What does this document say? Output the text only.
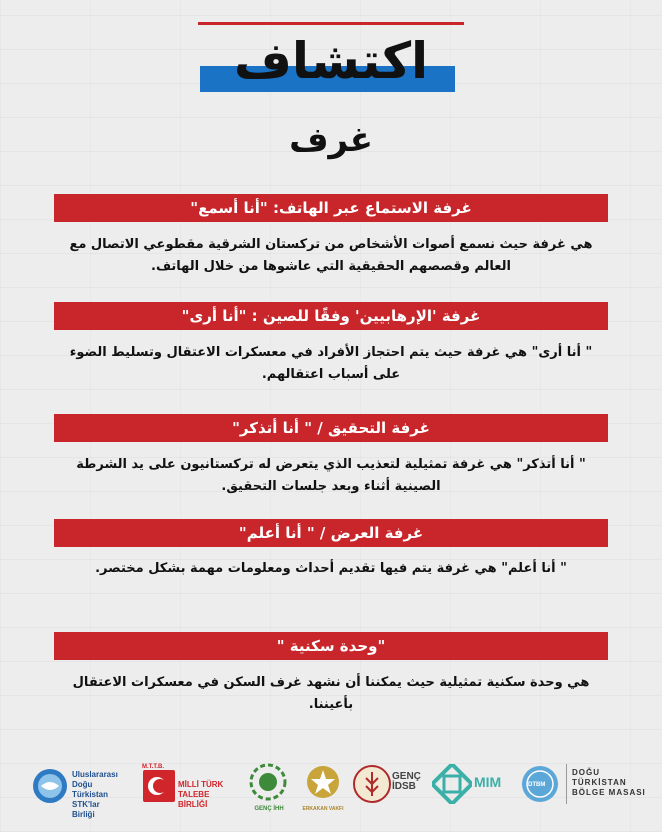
اكتشاف
غرف
غرفة الاستماع عبر الهاتف: "أنا أسمع"
هي غرفة حيث نسمع أصوات الأشخاص من تركستان الشرقية مقطوعي الاتصال مع العالم وقصصهم الحقيقية التي عاشوها من خلال الهاتف.
غرفة 'الإرهابيين' وفقًا للصين : "أنا أرى"
" أنا أرى" هي غرفة حيث يتم احتجاز الأفراد في معسكرات الاعتقال وتسليط الضوء على أسباب اعتقالهم.
غرفة التحقيق / " أنا أتذكر"
" أنا أتذكر" هي غرفة تمثيلية لتعذيب الذي يتعرض له تركستانيون على يد الشرطة الصينية أثناء وبعد جلسات التحقيق.
غرفة العرض / " أنا أعلم"
" أنا أعلم" هي غرفة يتم فيها تقديم أحداث ومعلومات مهمة بشكل مختصر.
"وحدة سكنية "
هي وحدة سكنية تمثيلية حيث يمكننا أن نشهد غرف السكن في معسكرات الاعتقال بأعيننا.
Uluslararası
Doğu Türkistan
STK'lar Birliği
M.T.T.B.
MİLLİ TÜRK
TALEBE BİRLİĞİ	GENÇ İHH	ERKAKAN VAKFI
GENÇ
İDSB	MIM	DTBM
DOĞU
TÜRKİSTAN
BÖLGE MASASI
